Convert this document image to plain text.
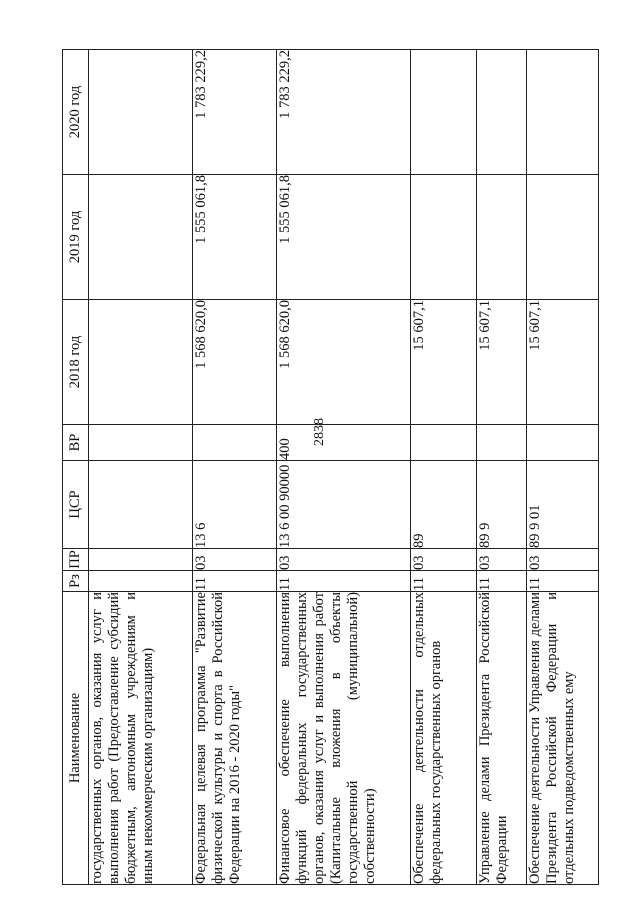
2838
Наименование	Рз	ПР	ЦСР	ВР	2018 год	2019 год	2020 год

государственных органов, оказания услуг и выполнения работ (Предоставление субсидий бюджетным, автономным учреждениям и иным некоммерческим организациям)							

Федеральная целевая программа "Развитие физической культуры и спорта в Российской Федерации на 2016 - 2020 годы"	11	03	13 6		1 568 620,0	1 555 061,8	1 783 229,2

Финансовое обеспечение выполнения функций федеральных государственных органов, оказания услуг и выполнения работ (Капитальные вложения в объекты государственной (муниципальной) собственности)	11	03	13 6 00 90000	400	1 568 620,0	1 555 061,8	1 783 229,2

Обеспечение деятельности отдельных федеральных государственных органов	11	03	89		15 607,1		

Управление делами Президента Российской Федерации	11	03	89 9		15 607,1		

Обеспечение деятельности Управления делами Президента Российской Федерации и отдельных подведомственных ему	11	03	89 9 01		15 607,1		
